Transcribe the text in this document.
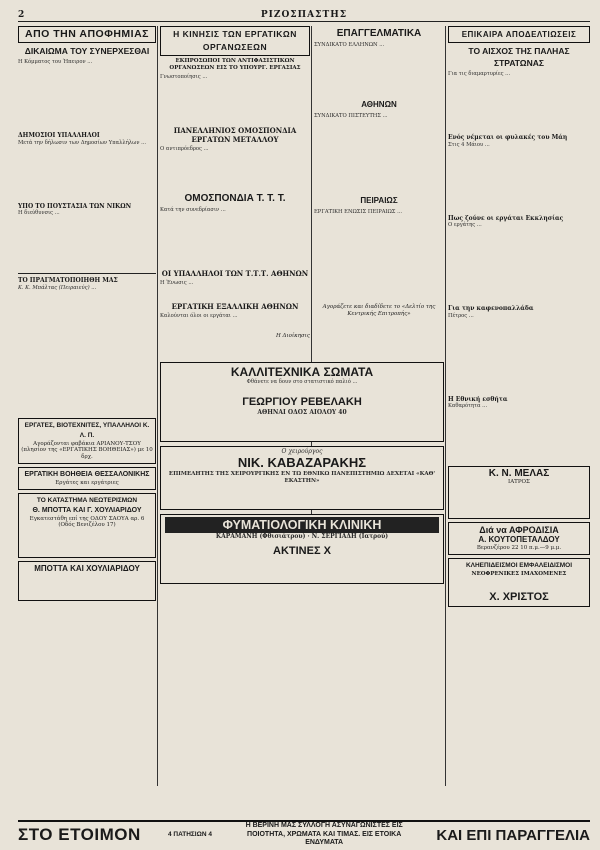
2	ΡΙΖΟΣΠΑΣΤΗΣ
ΑΠΟ ΤΗΝ ΑΠΟΦΗΜΙΑΣ
ΔΙΚΑΙΩΜΑ ΤΟΥ ΣΥΝΕΡΧΕΣΘΑΙ
Η Κόμματος του Ήπειρον ...
ΔΗΜΟΣΙΟΙ ΥΠΑΛΛΗΛΟΙ
Μετά την δήλωσιν των Δημοσίων Υπαλλήλων ...
ΥΠΟ ΤΟ ΠΟΥΣΤΑΣΙΑ ΤΩΝ ΝΙΚΩΝ
Η διεύθυνσις ...
ΤΟ ΠΡΑΓΜΑΤΟΠΟΙΗΘΗ ΜΑΣ
Κ. Κ. Μπάλτας (Πειραιεύς) ...
ΕΡΓΑΤΕΣ, ΒΙΟΤΕΧΝΙΤΕΣ, ΥΠΑΛΛΗΛΟΙ Κ. Λ. Π.
Αγοράζονται φαβάκια ΑΡΙΑΝΟΥ-ΤΣΟΥ (πλησίον της «ΕΡΓΑΤΙΚΗΣ ΒΟΗΘΕΙΑΣ») με 10 δρχ.
ΕΡΓΑΤΙΚΗ ΒΟΗΘΕΙΑ ΘΕΣΣΑΛΟΝΙΚΗΣ
Εργάτες και εργάτριες
ΤΟ ΚΑΤΑΣΤΗΜΑ ΝΕΩΤΕΡΙΣΜΩΝ
Θ. ΜΠΟΤΤΑ ΚΑΙ Γ. ΧΟΥΛΙΑΡΙΔΟΥ
Εγκατεστάθη επί της ΟΔΟΥ ΣΑΟΥΑ αρ. 6 (Οδός Βενιζέλου 17)
ΜΠΟΤΤΑ ΚΑΙ ΧΟΥΛΙΑΡΙΔΟΥ
Η ΚΙΝΗΣΙΣ ΤΩΝ ΕΡΓΑΤΙΚΩΝ ΟΡΓΑΝΩΣΕΩΝ
ΕΚΠΡΟΣΩΠΟΙ ΤΩΝ ΑΝΤΙΦΑΣΙΣΤΙΚΩΝ ΟΡΓΑΝΩΣΕΩΝ ΕΙΣ ΤΟ ΥΠΟΥΡΓ. ΕΡΓΑΣΙΑΣ
Γνωστοποίησις ...
ΠΑΝΕΛΛΗΝΙΟΣ ΟΜΟΣΠΟΝΔΙΑ ΕΡΓΑΤΩΝ ΜΕΤΑΛΛΟΥ
Ο αντιπρόεδρος ...
ΟΜΟΣΠΟΝΔΙΑ Τ. Τ. Τ.
Κατά την συνεδρίασιν ...
ΟΙ ΥΠΑΛΛΗΛΟΙ ΤΩΝ Τ.Τ.Τ. ΑΘΗΝΩΝ
Η Ένωσις ...
ΕΡΓΑΤΙΚΗ ΕΞΑΛΛΙΚΗ ΑΘΗΝΩΝ
Καλούνται όλοι οι εργάται ...
Η Διοίκησις
ΕΠΑΓΓΕΛΜΑΤΙΚΑ
ΣΥΝΔΙΚΑΤΟ ΕΛΛΗΝΩΝ ...
ΑΘΗΝΩΝ
ΣΥΝΔΙΚΑΤΟ ΠΙΣΤΕΥΤΗΣ ...
ΠΕΙΡΑΙΩΣ
ΕΡΓΑΤΙΚΗ ΕΝΩΣΙΣ ΠΕΙΡΑΙΩΣ ...
Αγοράζετε και διαδίδετε το «Δελτίο της Κεντρικής Επιτροπής»
ΚΑΛΛΙΤΕΧΝΙΚΑ ΣΩΜΑΤΑ
Φθάνετε να δουν στο στατιστικό παλιό ...
ΓΕΩΡΓΙΟΥ ΡΕΒΕΛΑΚΗ
ΑΘΗΝΑΙ ΟΔΟΣ ΑΙΟΛΟΥ 40
Ο χειρούργος
ΝΙΚ. ΚΑΒΑΖΑΡΑΚΗΣ
ΕΠΙΜΕΛΗΤΗΣ ΤΗΣ ΧΕΙΡΟΥΡΓΙΚΗΣ ΕΝ ΤΩ ΕΘΝΙΚΩ ΠΑΝΕΠΙΣΤΗΜΙΩ ΔΕΧΕΤΑΙ «ΚΑΘ' ΕΚΑΣΤΗΝ»
ΦΥΜΑΤΙΟΛΟΓΙΚΗ ΚΛΙΝΙΚΗ
ΚΑΡΑΜΑΝΗ (Φθισιάτρου) · Ν. ΣΕΡΓΙΑΔΗ (Ιατρού)
ΑΚΤΙΝΕΣ Χ
ΕΠΙΚΑΙΡΑ ΑΠΟΔΕΛΤΙΩΣΕΙΣ
ΤΟ ΑΙΣΧΟΣ ΤΗΣ ΠΑΛΗΑΣ ΣΤΡΑΤΩΝΑΣ
Για τις διαμαρτυρίες ...
Ενός νέμεται οι φυλακές του Μάη
Στις 4 Μάιου ...
Πως ζούνε οι εργάται Εκκλησίας
Ο εργάτης ...
Για την καφενοπαλλάδα
Πέτρος ...
Η Εθνική εσθήτα
Καθαρότητα ...
Κ. Ν. ΜΕΛΑΣ
ΙΑΤΡΟΣ
Διά να ΑΦΡΟΔΙΣΙΑ
Α. ΚΟΥΤΟΠΕΤΑΛΔΟΥ
Βερανζέρου 22 10 π.μ.—9 μ.μ.
ΚΛΗΕΠΙΔΕΙΣΜΟΙ ΕΜΦΑΛΕΙΔΙΣΜΟΙ
ΝΕΟΦΡΕΝΙΚΕΣ ΙΜΑΧΟΜΕΝΕΣ
Χ. ΧΡΙΣΤΟΣ
ΣΤΟ ΕΤΟΙΜΟΝ	4 ΠΑΤΗΣΙΩΝ 4
Η ΒΕΡΙΝΗ ΜΑΣ ΣΥΛΛΟΓΗ ΑΣΥΝΑΓΩΝΙΣΤΕΣ ΕΙΣ ΠΟΙΟΤΗΤΑ, ΧΡΩΜΑΤΑ ΚΑΙ ΤΙΜΑΣ. ΕΙΣ ΕΤΟΙΚΑ ΕΝΔΥΜΑΤΑ	ΚΑΙ ΕΠΙ ΠΑΡΑΓΓΕΛΙΑ
